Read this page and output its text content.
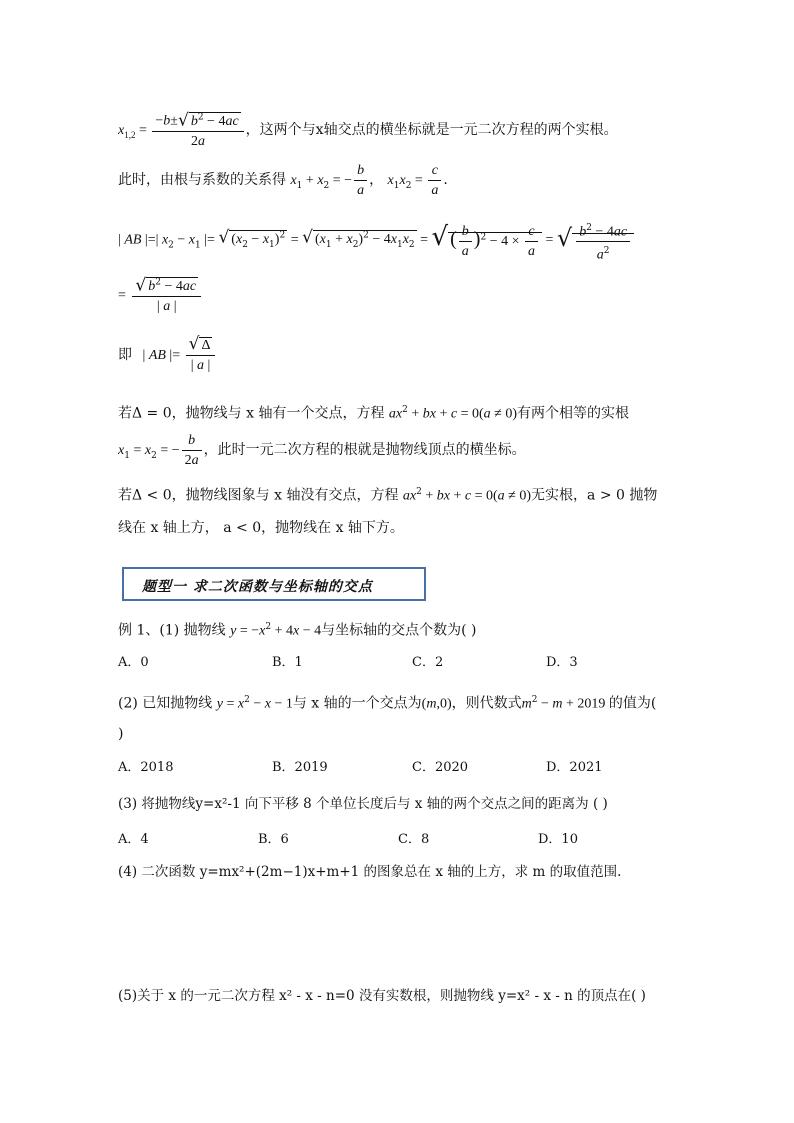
$x_{1,2} = \frac{-b\pm√ b^2 - 4ac}{2a}$ ，这两个与x轴交点的横坐标就是一元二次方程的两个实根。
此时，由根与系数的关系得 $x_1 + x_2$ = − $\frac{b}{a}$ ， $x_1x_2 = \frac{c}{a}$ .
| AB |=| $x_2 - x_1$ |= √ $(x_2 - x_1)^2$ = √ $(x_1 + x_2)^2 - 4x_1x_2$ = √ ( $\frac{b}{a} )^2 - 4 \times \frac{c}{a}$ = √ $\frac{b^2 - 4ac}{a^2}$
= $\frac{√ b^2 - 4ac}{| a |}$
即   | AB |= $\frac{√ \Delta}{| a |}$
若Δ = 0，抛物线与 x 轴有一个交点，方程 $ax^2$ + bx + c = 0(a ≠ 0)有两个相等的实根
$x_1 = x_2$ = − $\frac{b}{2a}$ ，此时一元二次方程的根就是抛物线顶点的横坐标。
若Δ < 0，抛物线图象与 x 轴没有交点，方程 $ax^2$ + bx + c = 0(a ≠ 0)无实根，a > 0 抛物
线在 x 轴上方， a < 0，抛物线在 x 轴下方。
题型一 求二次函数与坐标轴的交点
例 1、(1) 抛物线 $y = -x^2 + 4x - 4$与坐标轴的交点个数为( )
A．0	B．1	C．2	D．3
(2) 已知抛物线 $y = x^2 - x - 1$与 x 轴的一个交点为(m,0)，则代数式$m^2 - m + 2019$ 的值为(
)
A．2018	B．2019	C．2020	D．2021
(3) 将抛物线y=x²-1 向下平移 8 个单位长度后与 x 轴的两个交点之间的距离为 ( )
A．4	B．6	C．8	D．10
(4) 二次函数 y=mx²+(2m−1)x+m+1 的图象总在 x 轴的上方，求 m 的取值范围.
(5)关于 x 的一元二次方程 x² - x - n=0 没有实数根，则抛物线 y=x² - x - n 的顶点在( )
